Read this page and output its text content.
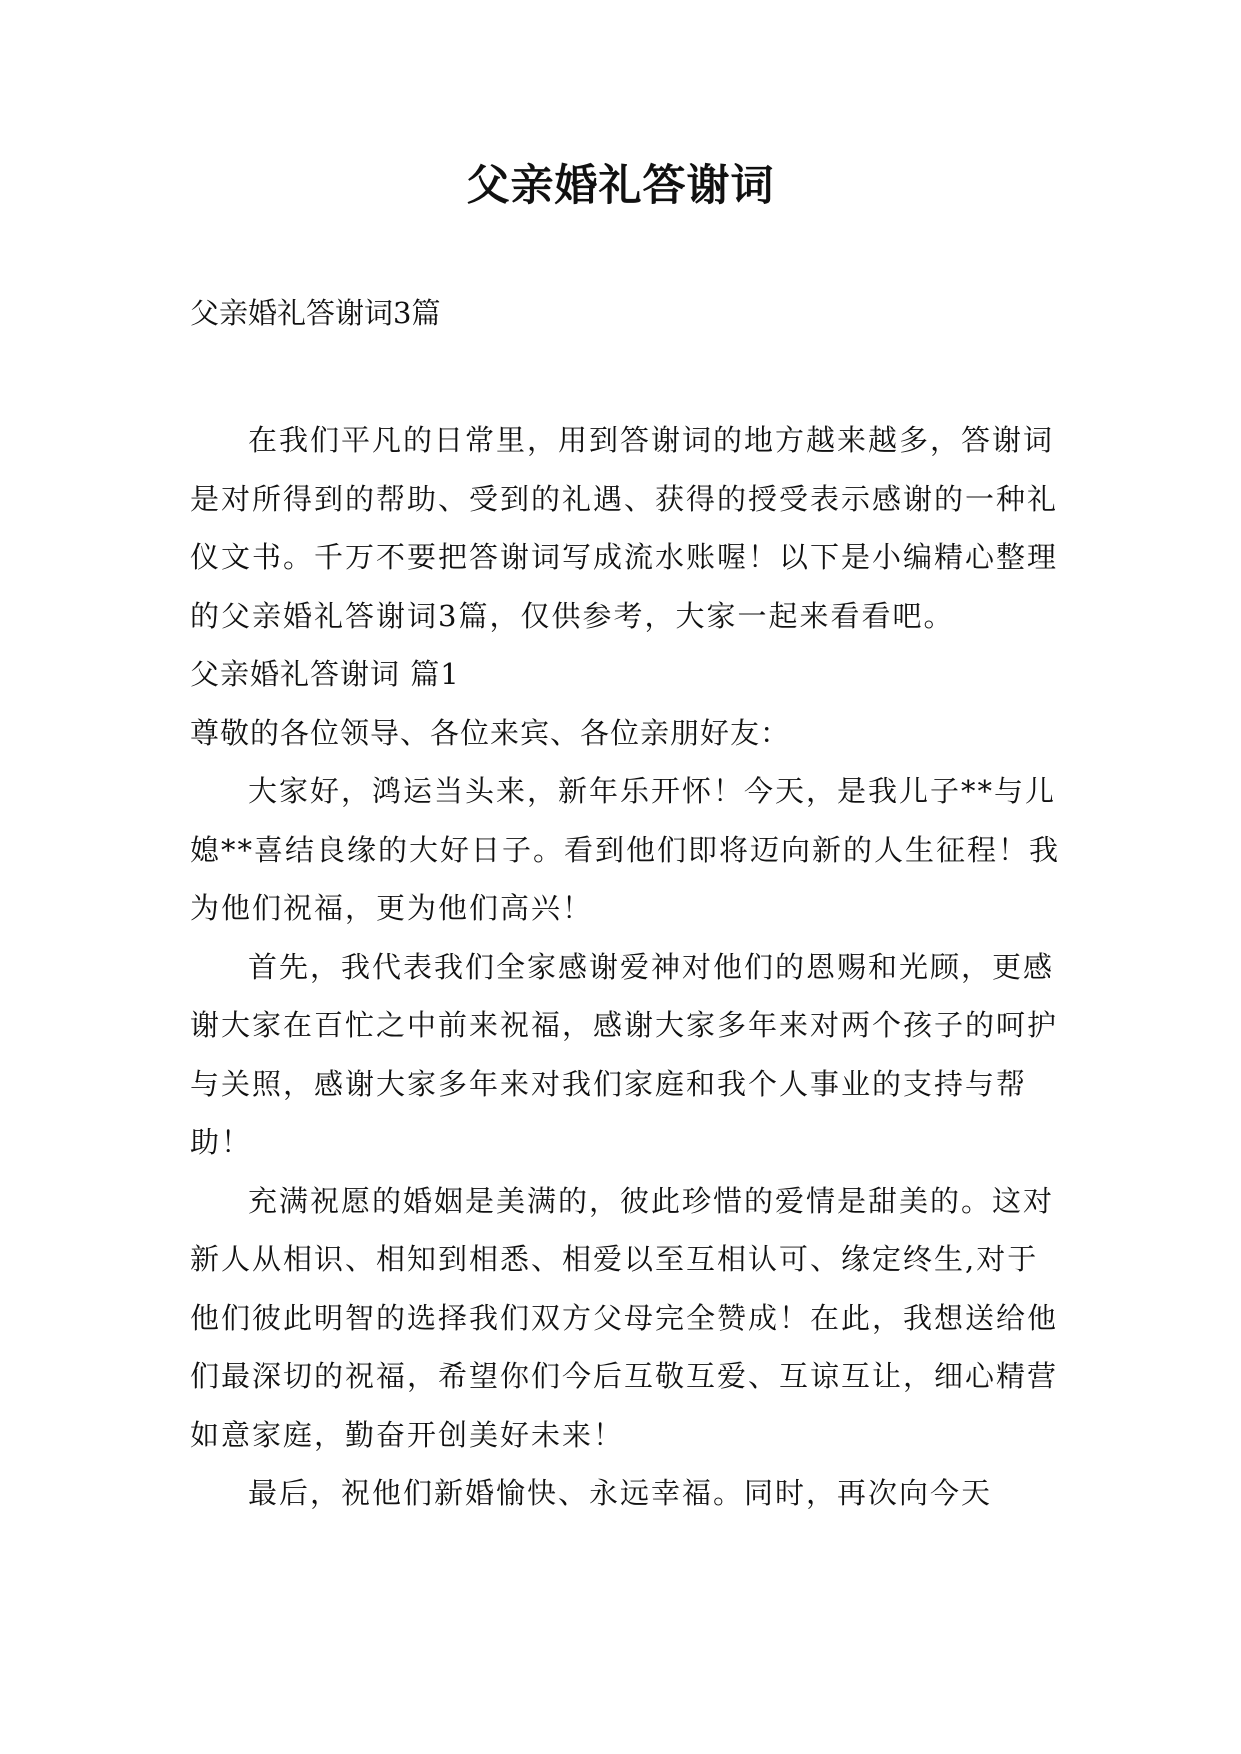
父亲婚礼答谢词
父亲婚礼答谢词3篇

在我们平凡的日常里，用到答谢词的地方越来越多，答谢词是对所得到的帮助、受到的礼遇、获得的授受表示感谢的一种礼仪文书。千万不要把答谢词写成流水账喔！以下是小编精心整理的父亲婚礼答谢词3篇，仅供参考，大家一起来看看吧。

父亲婚礼答谢词 篇1

尊敬的各位领导、各位来宾、各位亲朋好友：

大家好，鸿运当头来，新年乐开怀！今天，是我儿子**与儿媳**喜结良缘的大好日子。看到他们即将迈向新的人生征程！我为他们祝福，更为他们高兴！

首先，我代表我们全家感谢爱神对他们的恩赐和光顾，更感谢大家在百忙之中前来祝福，感谢大家多年来对两个孩子的呵护与关照，感谢大家多年来对我们家庭和我个人事业的支持与帮助！

充满祝愿的婚姻是美满的，彼此珍惜的爱情是甜美的。这对新人从相识、相知到相悉、相爱以至互相认可、缘定终生,对于他们彼此明智的选择我们双方父母完全赞成！在此，我想送给他们最深切的祝福，希望你们今后互敬互爱、互谅互让，细心精营如意家庭，勤奋开创美好未来！

最后，祝他们新婚愉快、永远幸福。同时，再次向今天
